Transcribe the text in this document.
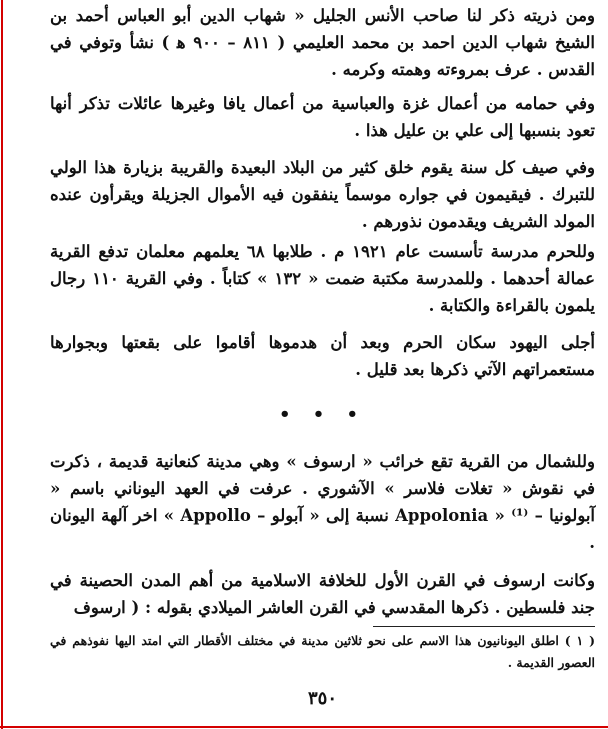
ومن ذريته ذكر لنا صاحب الأنس الجليل « شهاب الدين أبو العباس أحمد بن الشيخ شهاب الدين احمد بن محمد العليمي ( ٨١١ – ٩٠٠ ﻫ ) نشأ وتوفي في القدس . عرف بمروءته وهمته وكرمه .

وفي حمامه من أعمال غزة والعباسية من أعمال يافا وغيرها عائلات تذكر أنها تعود بنسبها إلى علي بن عليل هذا .

وفي صيف كل سنة يقوم خلق كثير من البلاد البعيدة والقريبة بزيارة هذا الولي للتبرك . فيقيمون في جواره موسماً ينفقون فيه الأموال الجزيلة ويقرأون عنده المولد الشريف ويقدمون نذورهم .

وللحرم مدرسة تأسست عام ١٩٢١ م . طلابها ٦٨ يعلمهم معلمان تدفع القرية عمالة أحدهما . وللمدرسة مكتبة ضمت « ١٣٢ » كتاباً . وفي القرية ١١٠ رجال يلمون بالقراءة والكتابة .

أجلى اليهود سكان الحرم وبعد أن هدموها أقاموا على بقعتها وبجوارها مستعمراتهم الآتي ذكرها بعد قليل .

• • •

وللشمال من القرية تقع خرائب « ارسوف » وهي مدينة كنعانية قديمة ، ذكرت في نقوش « تغلات فلاسر » الآشوري . عرفت في العهد اليوناني باسم « آبولونيا – Appolonia » ⁽¹⁾ نسبة إلى « آبولو – Appollo » اخر آلهة اليونان .

وكانت ارسوف في القرن الأول للخلافة الاسلامية من أهم المدن الحصينة في جند فلسطين . ذكرها المقدسي في القرن العاشر الميلادي بقوله : ( ارسوف

( ١ ) اطلق اليونانيون هذا الاسم على نحو ثلاثين مدينة في مختلف الأقطار التي امتد اليها نفوذهم في العصور القديمة .

٣٥٠
